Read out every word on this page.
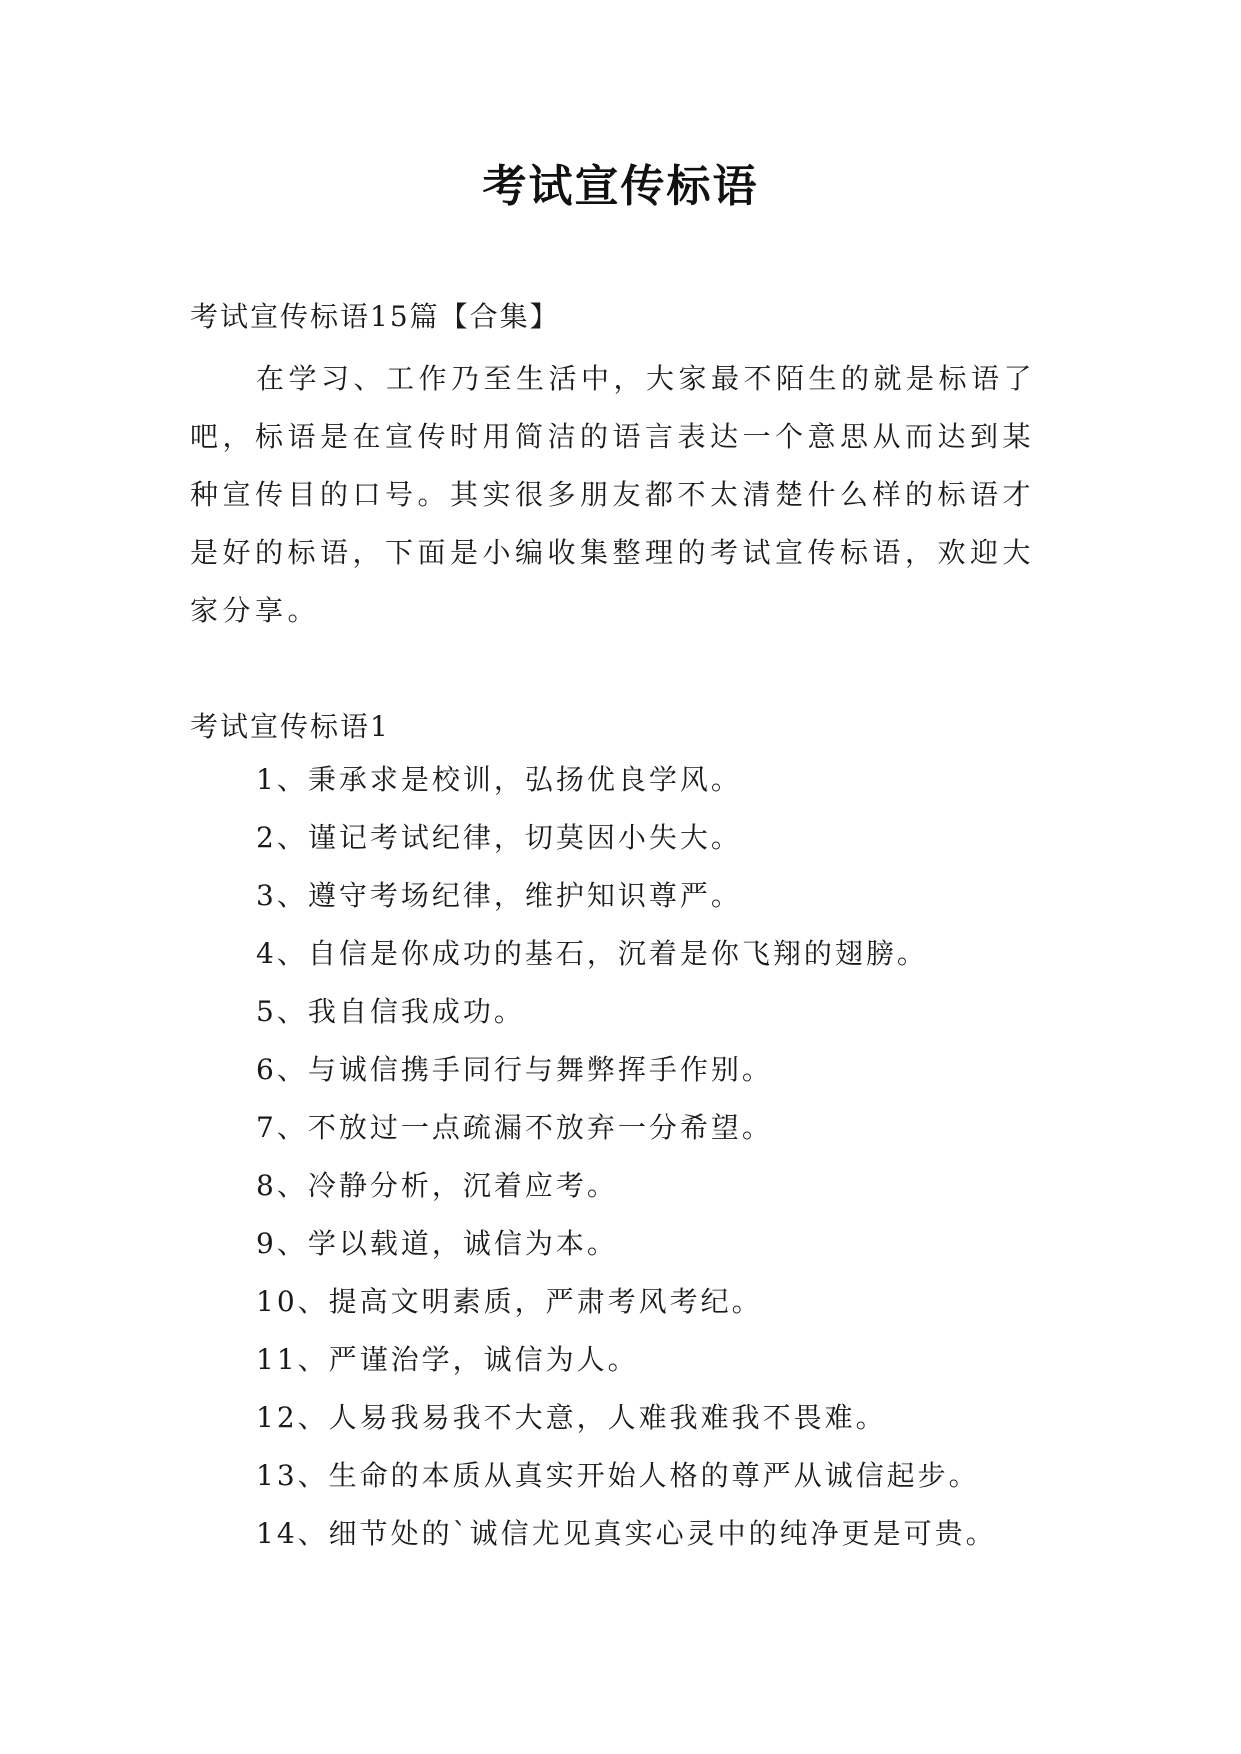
考试宣传标语
考试宣传标语15篇【合集】

在学习、工作乃至生活中，大家最不陌生的就是标语了吧，标语是在宣传时用简洁的语言表达一个意思从而达到某种宣传目的口号。其实很多朋友都不太清楚什么样的标语才是好的标语，下面是小编收集整理的考试宣传标语，欢迎大家分享。

考试宣传标语1
1、秉承求是校训，弘扬优良学风。
2、谨记考试纪律，切莫因小失大。
3、遵守考场纪律，维护知识尊严。
4、自信是你成功的基石，沉着是你飞翔的翅膀。
5、我自信我成功。
6、与诚信携手同行与舞弊挥手作别。
7、不放过一点疏漏不放弃一分希望。
8、冷静分析，沉着应考。
9、学以载道，诚信为本。
10、提高文明素质，严肃考风考纪。
11、严谨治学，诚信为人。
12、人易我易我不大意，人难我难我不畏难。
13、生命的本质从真实开始人格的尊严从诚信起步。
14、细节处的`诚信尤见真实心灵中的纯净更是可贵。
